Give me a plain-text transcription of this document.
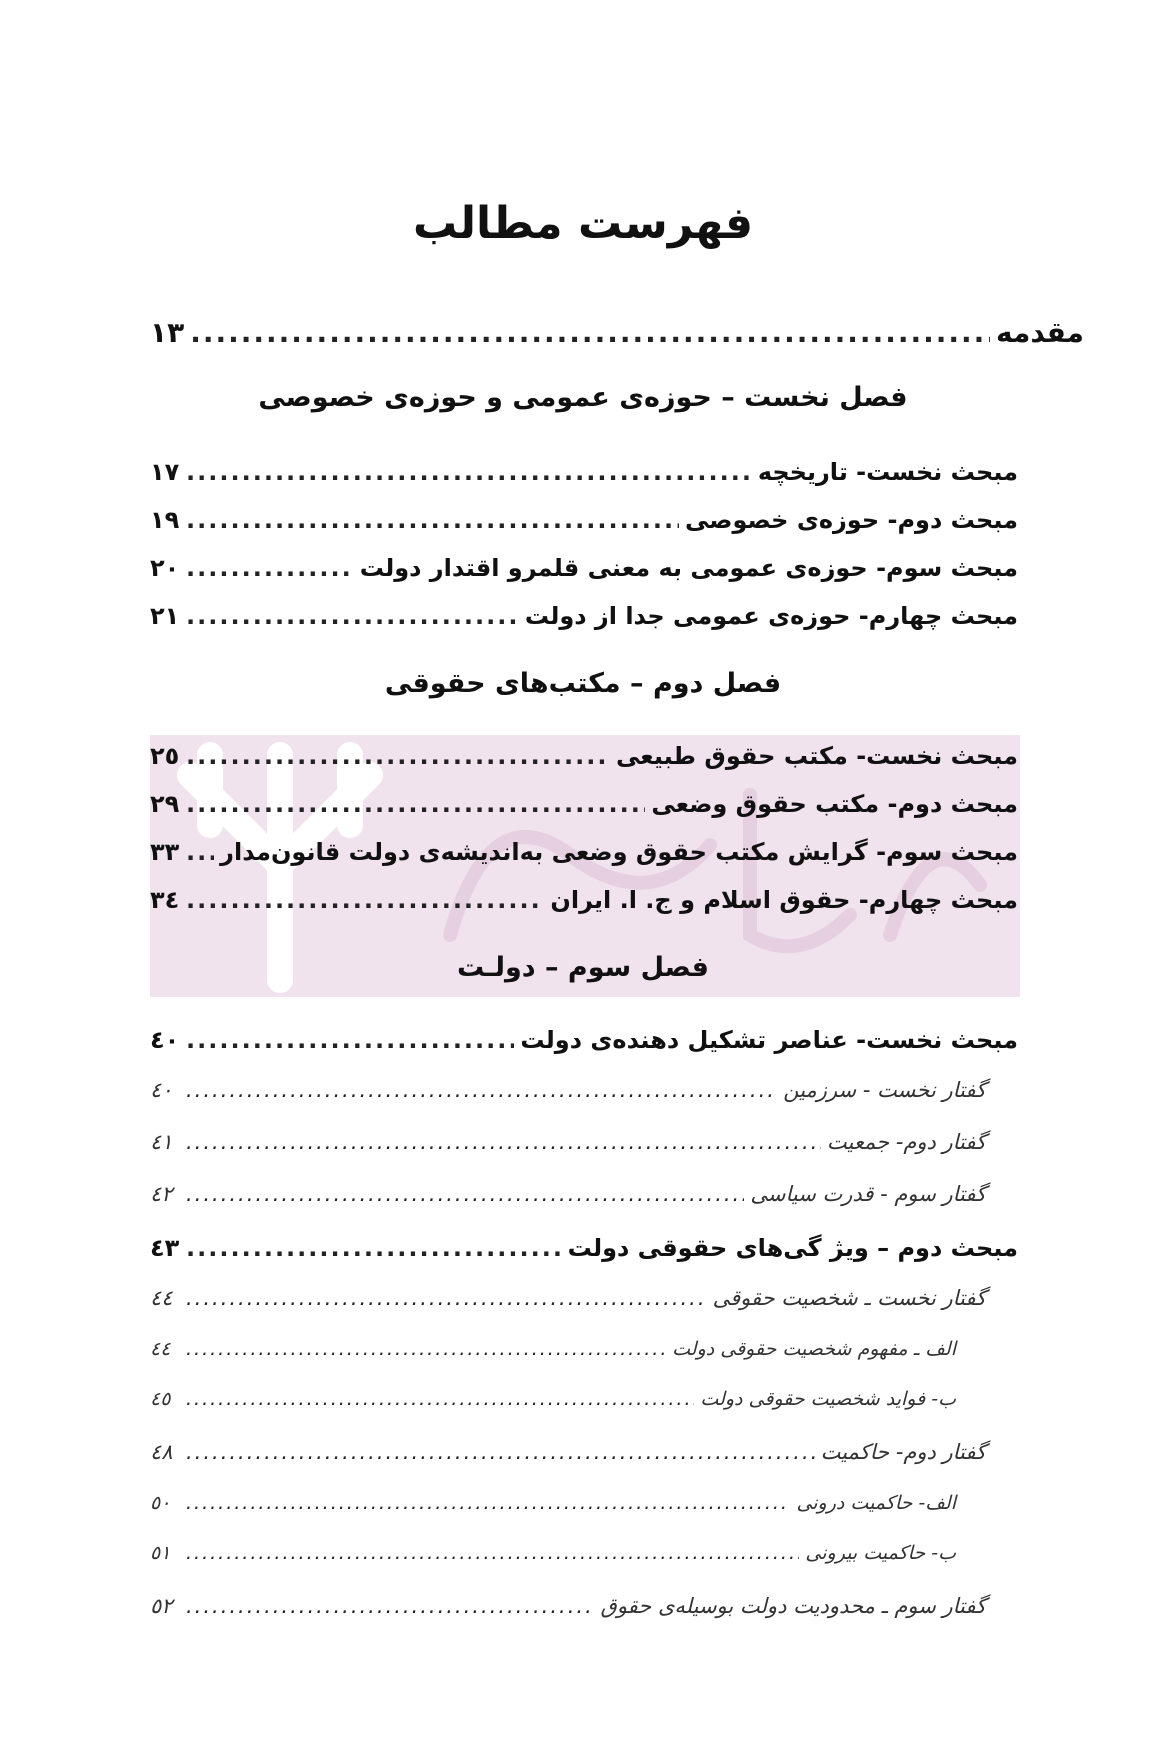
فهرست مطالب
مقدمه
.....
١٣
فصل نخست – حوزه‌ی عمومی و حوزه‌ی خصوصی
مبحث نخست- تاریخچه
.....
١٧
مبحث دوم- حوزه‌ی خصوصی
.....
١٩
مبحث سوم- حوزه‌ی عمومی به معنی قلمرو اقتدار دولت
.....
٢٠
مبحث چهارم- حوزه‌ی عمومی جدا از دولت
.....
٢١
فصل دوم – مکتب‌های حقوقی
مبحث نخست- مکتب حقوق طبیعی
.....
٢٥
مبحث دوم- مکتب حقوق وضعی
.....
٢٩
مبحث سوم- گرایش مکتب حقوق وضعی به‌اندیشه‌ی دولت قانون‌مدار
.....
٣٣
مبحث چهارم- حقوق اسلام و ج. ا. ایران
.....
٣٤
فصل سوم – دولـت
مبحث نخست- عناصر تشکیل دهنده‌ی دولت
.....
٤٠
گفتار نخست - سرزمین
.....
٤٠
گفتار دوم- جمعیت
.....
٤١
گفتار سوم - قدرت سیاسی
.....
٤٢
مبحث دوم – ویژ گی‌های حقوقی دولت
.....
٤٣
گفتار نخست ـ شخصیت حقوقی
.....
٤٤
الف ـ مفهوم شخصیت حقوقی دولت
.....
٤٤
ب- فواید شخصیت حقوقی دولت
.....
٤٥
گفتار دوم- حاکمیت
.....
٤٨
الف- حاکمیت درونی
.....
٥٠
ب- حاکمیت بیرونی
.....
٥١
گفتار سوم ـ محدودیت دولت بوسیله‌ی حقوق
.....
٥٢
